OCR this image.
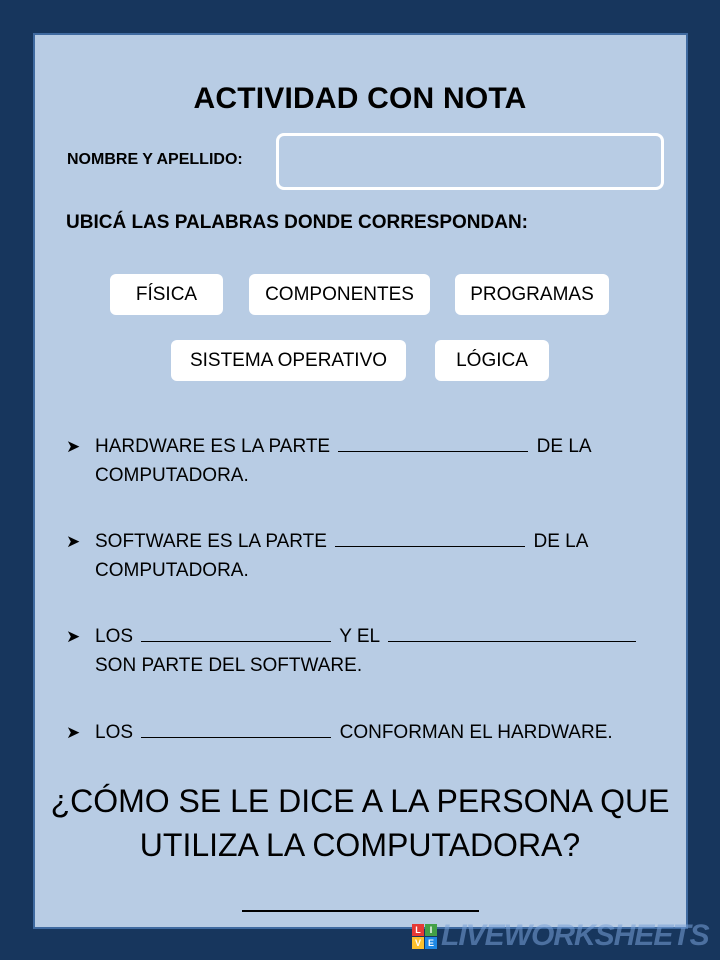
ACTIVIDAD CON NOTA
NOMBRE Y APELLIDO:
UBICÁ LAS PALABRAS DONDE CORRESPONDAN:
FÍSICA	COMPONENTES	PROGRAMAS
SISTEMA OPERATIVO	LÓGICA
➤ HARDWARE ES LA PARTE	DE LA
COMPUTADORA.
➤ SOFTWARE ES LA PARTE	DE LA
COMPUTADORA.
➤ LOS	Y EL
SON PARTE DEL SOFTWARE.
➤ LOS	CONFORMAN EL HARDWARE.
¿CÓMO SE LE DICE A LA PERSONA QUE
UTILIZA LA COMPUTADORA?
L I
V E LIVEWORKSHEETS
